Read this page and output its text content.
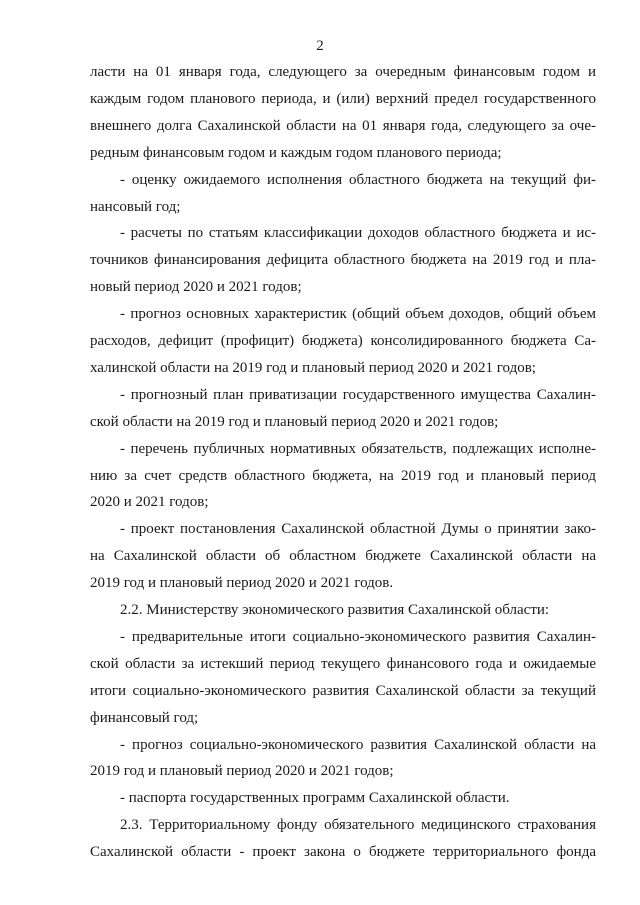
2
ласти на 01 января года, следующего за очередным финансовым годом и
каждым годом планового периода, и (или) верхний предел государственного
внешнего долга Сахалинской области на 01 января года, следующего за оче-
редным финансовым годом и каждым годом планового периода;
- оценку ожидаемого исполнения областного бюджета на текущий фи-
нансовый год;
- расчеты по статьям классификации доходов областного бюджета и ис-
точников финансирования дефицита областного бюджета на 2019 год и пла-
новый период 2020 и 2021 годов;
- прогноз основных характеристик (общий объем доходов, общий объем
расходов, дефицит (профицит) бюджета) консолидированного бюджета Са-
халинской области на 2019 год и плановый период 2020 и 2021 годов;
- прогнозный план приватизации государственного имущества Сахалин-
ской области на 2019 год и плановый период 2020 и 2021 годов;
- перечень публичных нормативных обязательств, подлежащих исполне-
нию за счет средств областного бюджета, на 2019 год и плановый период
2020 и 2021 годов;
- проект постановления Сахалинской областной Думы о принятии зако-
на Сахалинской области об областном бюджете Сахалинской области на
2019 год и плановый период 2020 и 2021 годов.
2.2. Министерству экономического развития Сахалинской области:
- предварительные итоги социально-экономического развития Сахалин-
ской области за истекший период текущего финансового года и ожидаемые
итоги социально-экономического развития Сахалинской области за текущий
финансовый год;
- прогноз социально-экономического развития Сахалинской области на
2019 год и плановый период 2020 и 2021 годов;
- паспорта государственных программ Сахалинской области.
2.3. Территориальному фонду обязательного медицинского страхования
Сахалинской области - проект закона о бюджете территориального фонда
